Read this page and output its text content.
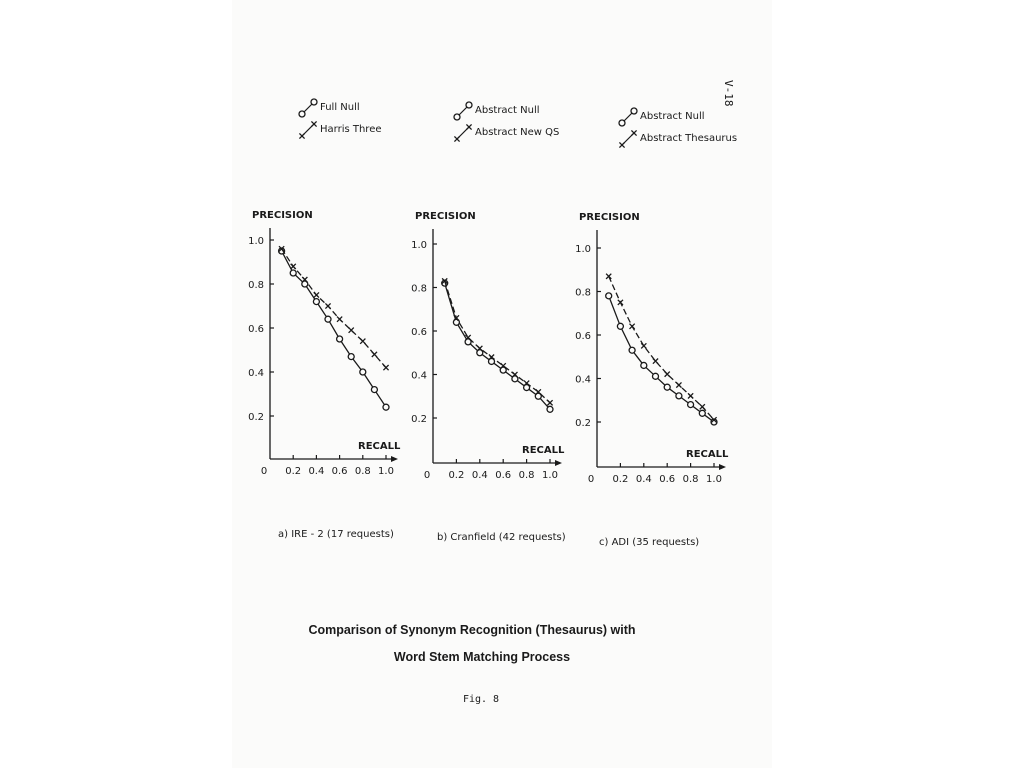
V-18
Full Null
Harris Three
Abstract Null
Abstract New QS
Abstract Null
Abstract Thesaurus
PRECISION
RECALL
1.0
0.8
0.6
0.4
0.2
0.2 0.4 0.6 0.8 1.0
0
a) IRE - 2 (17 requests)
PRECISION
RECALL
1.0
0.8
0.6
0.4
0.2
0.2 0.4 0.6 0.8 1.0
0
b) Cranfield (42 requests)
PRECISION
RECALL
1.0
0.8
0.6
0.4
0.2
0.2 0.4 0.6 0.8 1.0
0
c) ADI (35 requests)
Comparison of Synonym Recognition (Thesaurus) with
Word Stem Matching Process
Fig. 8
